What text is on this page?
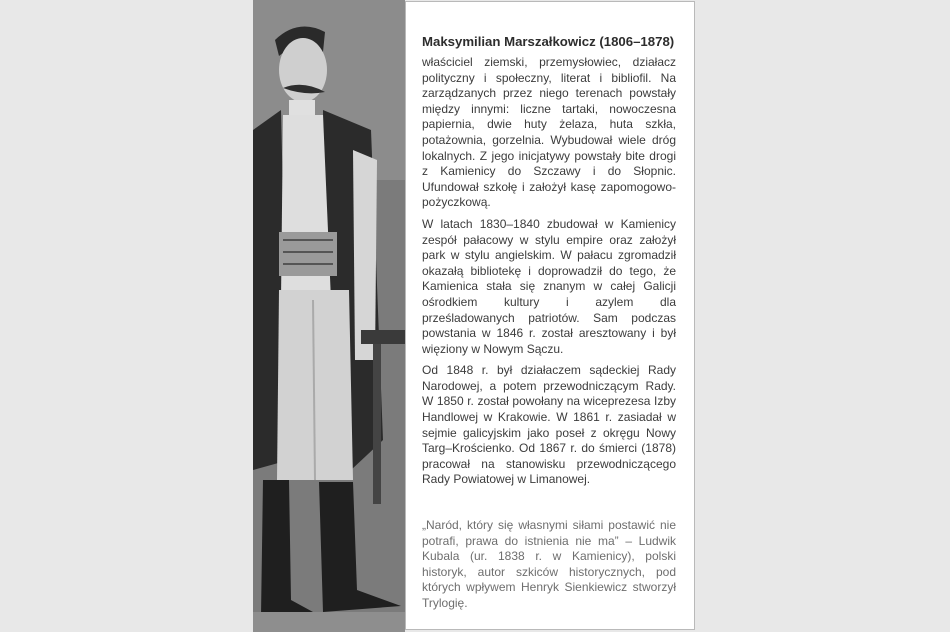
Maksymilian Marszałkowicz (1806–1878)

właściciel ziemski, przemysłowiec, działacz polityczny i społeczny, literat i bibliofil. Na zarządzanych przez niego terenach powstały między innymi: liczne tartaki, nowoczesna papiernia, dwie huty żelaza, huta szkła, potażownia, gorzelnia. Wybudował wiele dróg lokalnych. Z jego inicjatywy powstały bite drogi z Kamienicy do Szczawy i do Słopnic. Ufundował szkołę i założył kasę zapomogowo-pożyczkową.

W latach 1830–1840 zbudował w Kamienicy zespół pałacowy w stylu empire oraz założył park w stylu angielskim. W pałacu zgromadził okazałą bibliotekę i doprowadził do tego, że Kamienica stała się znanym w całej Galicji ośrodkiem kultury i azylem dla prześladowanych patriotów. Sam podczas powstania w 1846 r. został aresztowany i był więziony w Nowym Sączu.

Od 1848 r. był działaczem sądeckiej Rady Narodowej, a potem przewodniczącym Rady. W 1850 r. został powołany na wiceprezesa Izby Handlowej w Krakowie. W 1861 r. zasiadał w sejmie galicyjskim jako poseł z okręgu Nowy Targ–Krościenko. Od 1867 r. do śmierci (1878) pracował na stanowisku przewodniczącego Rady Powiatowej w Limanowej.

„Naród, który się własnymi siłami postawić nie potrafi, prawa do istnienia nie ma” – Ludwik Kubala (ur. 1838 r. w Kamienicy), polski historyk, autor szkiców historycznych, pod których wpływem Henryk Sienkiewicz stworzył Trylogię.
